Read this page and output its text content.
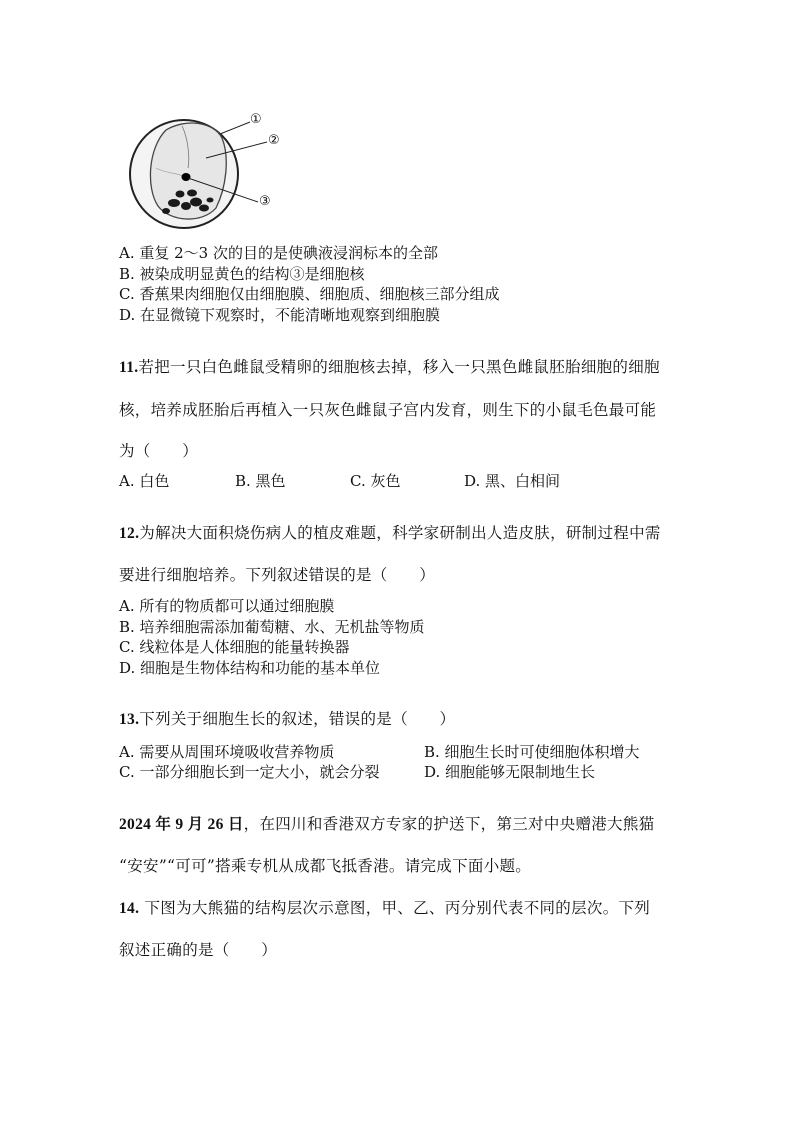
①
②
③
A. 重复 2～3 次的目的是使碘液浸润标本的全部
B. 被染成明显黄色的结构③是细胞核
C. 香蕉果肉细胞仅由细胞膜、细胞质、细胞核三部分组成
D. 在显微镜下观察时，不能清晰地观察到细胞膜
11.若把一只白色雌鼠受精卵的细胞核去掉，移入一只黑色雌鼠胚胎细胞的细胞
核，培养成胚胎后再植入一只灰色雌鼠子宫内发育，则生下的小鼠毛色最可能
为（　　）
A. 白色	B. 黑色	C. 灰色	D. 黑、白相间
12.为解决大面积烧伤病人的植皮难题，科学家研制出人造皮肤，研制过程中需
要进行细胞培养。下列叙述错误的是（　　）
A. 所有的物质都可以通过细胞膜
B. 培养细胞需添加葡萄糖、水、无机盐等物质
C. 线粒体是人体细胞的能量转换器
D. 细胞是生物体结构和功能的基本单位
13.下列关于细胞生长的叙述，错误的是（　　）
A. 需要从周围环境吸收营养物质	B. 细胞生长时可使细胞体积增大
C. 一部分细胞长到一定大小，就会分裂	D. 细胞能够无限制地生长
2024 年 9 月 26 日，在四川和香港双方专家的护送下，第三对中央赠港大熊猫
“安安”“可可”搭乘专机从成都飞抵香港。请完成下面小题。
14. 下图为大熊猫的结构层次示意图，甲、乙、丙分别代表不同的层次。下列
叙述正确的是（　　）
